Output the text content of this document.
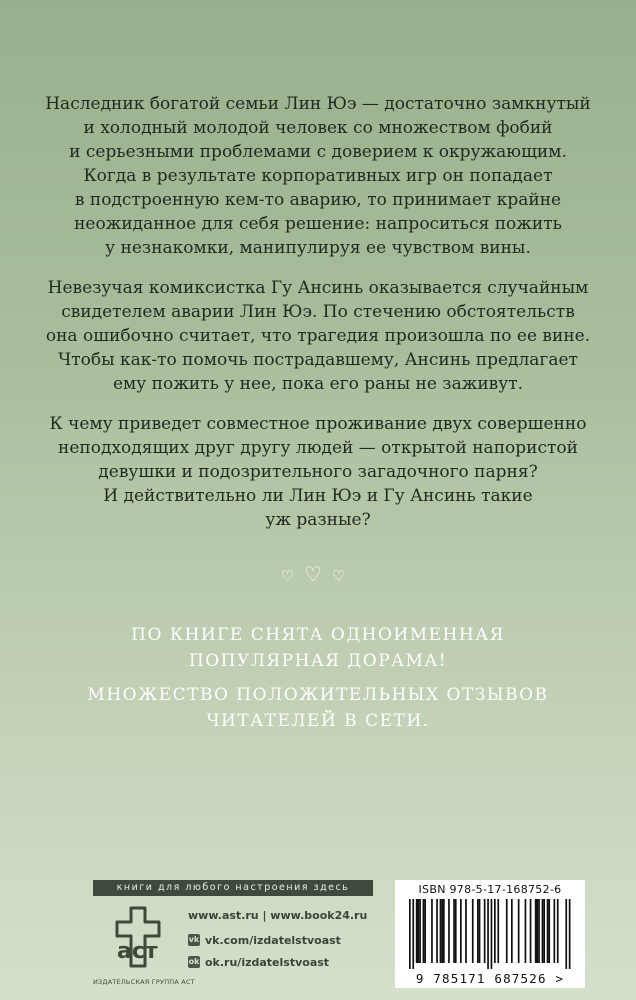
Наследник богатой семьи Лин Юэ — достаточно замкнутый
и холодный молодой человек со множеством фобий
и серьезными проблемами с доверием к окружающим.
Когда в результате корпоративных игр он попадает
в подстроенную кем-то аварию, то принимает крайне
неожиданное для себя решение: напроситься пожить
у незнакомки, манипулируя ее чувством вины.
Невезучая комиксистка Гу Ансинь оказывается случайным
свидетелем аварии Лин Юэ. По стечению обстоятельств
она ошибочно считает, что трагедия произошла по ее вине.
Чтобы как-то помочь пострадавшему, Ансинь предлагает
ему пожить у нее, пока его раны не заживут.
К чему приведет совместное проживание двух совершенно
неподходящих друг другу людей — открытой напористой
девушки и подозрительного загадочного парня?
И действительно ли Лин Юэ и Гу Ансинь такие
уж разные?
♡♡♡
ПО КНИГЕ СНЯТА ОДНОИМЕННАЯ
ПОПУЛЯРНАЯ ДОРАМА!
МНОЖЕСТВО ПОЛОЖИТЕЛЬНЫХ ОТЗЫВОВ
ЧИТАТЕЛЕЙ В СЕТИ.
книги для любого настроения здесь
аст
ИЗДАТЕЛЬСКАЯ ГРУППА АСТ
www.ast.ru | www.book24.ru
vk vk.com/izdatelstvoast
ok ok.ru/izdatelstvoast
ISBN 978-5-17-168752-6
9 785171 687526 >
